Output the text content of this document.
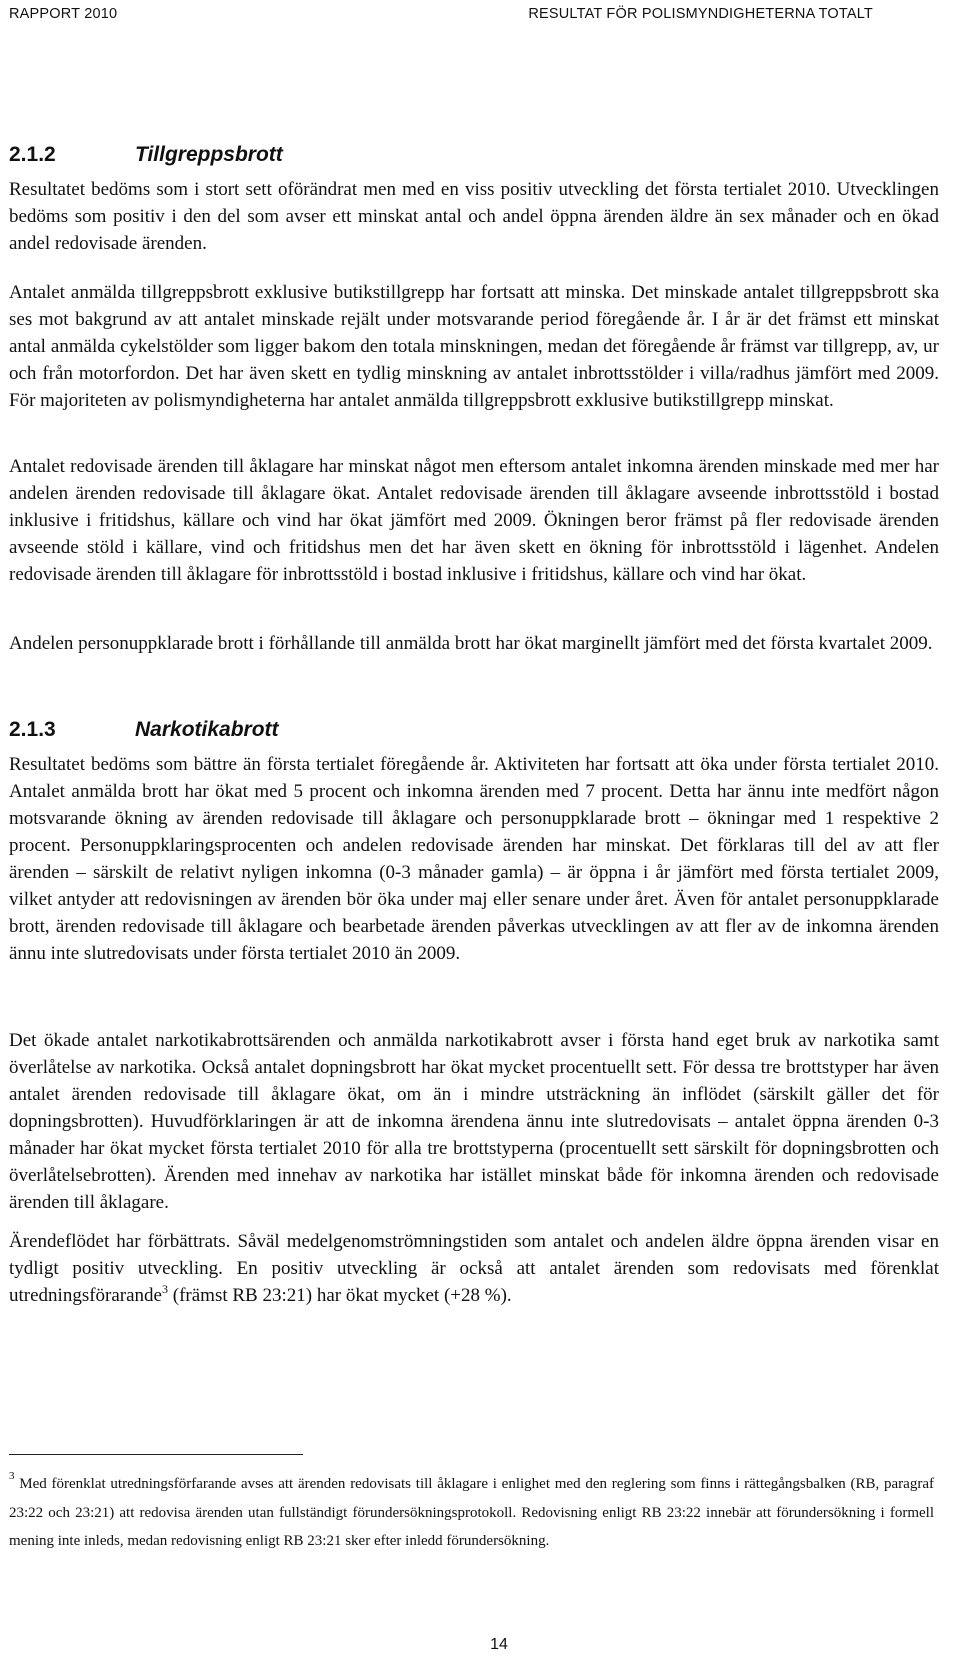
RAPPORT 2010	RESULTAT FÖR POLISMYNDIGHETERNA TOTALT
2.1.2	Tillgreppsbrott

Resultatet bedöms som i stort sett oförändrat men med en viss positiv utveckling det första tertialet 2010. Utvecklingen bedöms som positiv i den del som avser ett minskat antal och andel öppna ärenden äldre än sex månader och en ökad andel redovisade ärenden.

Antalet anmälda tillgreppsbrott exklusive butikstillgrepp har fortsatt att minska. Det minskade antalet tillgreppsbrott ska ses mot bakgrund av att antalet minskade rejält under motsvarande period föregående år. I år är det främst ett minskat antal anmälda cykelstölder som ligger bakom den totala minskningen, medan det föregående år främst var tillgrepp, av, ur och från motorfordon. Det har även skett en tydlig minskning av antalet inbrottsstölder i villa/radhus jämfört med 2009. För majoriteten av polismyndigheterna har antalet anmälda tillgreppsbrott exklusive butikstillgrepp minskat.

Antalet redovisade ärenden till åklagare har minskat något men eftersom antalet inkomna ärenden minskade med mer har andelen ärenden redovisade till åklagare ökat. Antalet redovisade ärenden till åklagare avseende inbrottsstöld i bostad inklusive i fritidshus, källare och vind har ökat jämfört med 2009. Ökningen beror främst på fler redovisade ärenden avseende stöld i källare, vind och fritidshus men det har även skett en ökning för inbrottsstöld i lägenhet. Andelen redovisade ärenden till åklagare för inbrottsstöld i bostad inklusive i fritidshus, källare och vind har ökat.

Andelen personuppklarade brott i förhållande till anmälda brott har ökat marginellt jämfört med det första kvartalet 2009.

2.1.3	Narkotikabrott

Resultatet bedöms som bättre än första tertialet föregående år. Aktiviteten har fortsatt att öka under första tertialet 2010. Antalet anmälda brott har ökat med 5 procent och inkomna ärenden med 7 procent. Detta har ännu inte medfört någon motsvarande ökning av ärenden redovisade till åklagare och personuppklarade brott – ökningar med 1 respektive 2 procent. Personuppklaringsprocenten och andelen redovisade ärenden har minskat. Det förklaras till del av att fler ärenden – särskilt de relativt nyligen inkomna (0-3 månader gamla) – är öppna i år jämfört med första tertialet 2009, vilket antyder att redovisningen av ärenden bör öka under maj eller senare under året. Även för antalet personuppklarade brott, ärenden redovisade till åklagare och bearbetade ärenden påverkas utvecklingen av att fler av de inkomna ärenden ännu inte slutredovisats under första tertialet 2010 än 2009.

Det ökade antalet narkotikabrottsärenden och anmälda narkotikabrott avser i första hand eget bruk av narkotika samt överlåtelse av narkotika. Också antalet dopningsbrott har ökat mycket procentuellt sett. För dessa tre brottstyper har även antalet ärenden redovisade till åklagare ökat, om än i mindre utsträckning än inflödet (särskilt gäller det för dopningsbrotten). Huvudförklaringen är att de inkomna ärendena ännu inte slutredovisats – antalet öppna ärenden 0-3 månader har ökat mycket första tertialet 2010 för alla tre brottstyperna (procentuellt sett särskilt för dopningsbrotten och överlåtelsebrotten). Ärenden med innehav av narkotika har istället minskat både för inkomna ärenden och redovisade ärenden till åklagare.

Ärendeflödet har förbättrats. Såväl medelgenomströmningstiden som antalet och andelen äldre öppna ärenden visar en tydligt positiv utveckling. En positiv utveckling är också att antalet ärenden som redovisats med förenklat utredningsförarande$^3$ (främst RB 23:21) har ökat mycket (+28 %).

$^3$ Med förenklat utredningsförfarande avses att ärenden redovisats till åklagare i enlighet med den reglering som finns i rättegångsbalken (RB, paragraf 23:22 och 23:21) att redovisa ärenden utan fullständigt förundersökningsprotokoll. Redovisning enligt RB 23:22 innebär att förundersökning i formell mening inte inleds, medan redovisning enligt RB 23:21 sker efter inledd förundersökning.
14
